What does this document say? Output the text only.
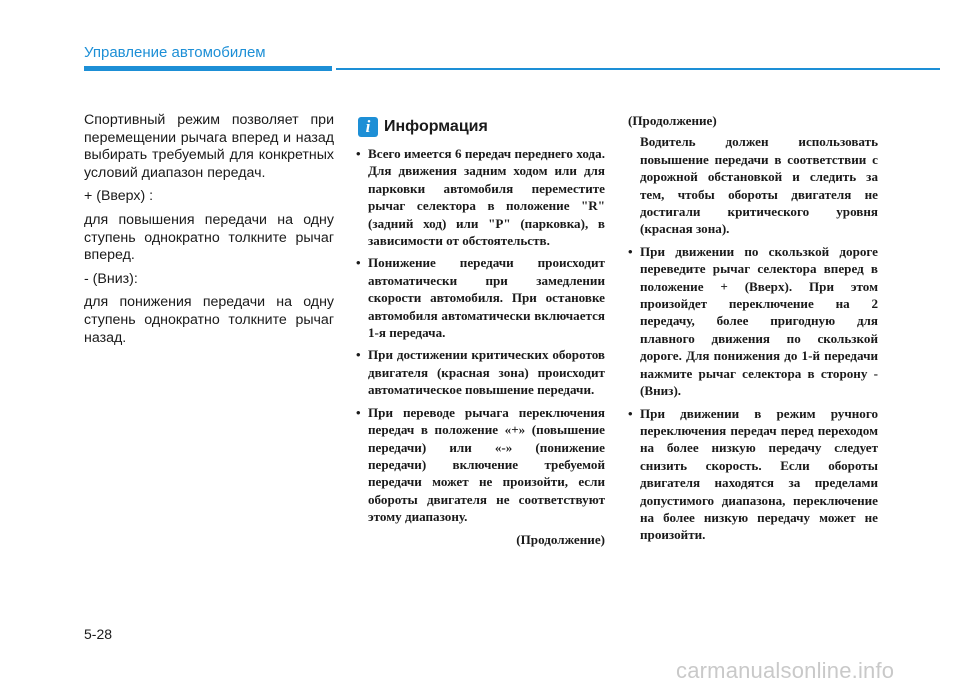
Управление автомобилем

Спортивный режим позволяет при перемещении рычага вперед и назад выбирать требуемый для конкретных условий диапазон передач.

+ (Вверх) :

для повышения передачи на одну ступень однократно толкните рычаг вперед.

- (Вниз):

для понижения передачи на одну ступень однократно толкните рычаг назад.

i Информация
• Всего имеется 6 передач переднего хода. Для движения задним ходом или для парковки автомобиля переместите рычаг селектора в положение "R" (задний ход) или "P" (парковка), в зависимости от обстоятельств.
• Понижение передачи происходит автоматически при замедлении скорости автомобиля. При остановке автомобиля автоматически включается 1-я передача.
• При достижении критических оборотов двигателя (красная зона) происходит автоматическое повышение передачи.
• При переводе рычага переключения передач в положение «+» (повышение передачи) или «-» (понижение передачи) включение требуемой передачи может не произойти, если обороты двигателя не соответствуют этому диапазону.

(Продолжение)

(Продолжение)

Водитель должен использовать повышение передачи в соответствии с дорожной обстановкой и следить за тем, чтобы обороты двигателя не достигали критического уровня (красная зона).

• При движении по скользкой дороге переведите рычаг селектора вперед в положение + (Вверх). При этом произойдет переключение на 2 передачу, более пригодную для плавного движения по скользкой дороге. Для понижения до 1-й передачи нажмите рычаг селектора в сторону - (Вниз).
• При движении в режим ручного переключения передач перед переходом на более низкую передачу следует снизить скорость. Если обороты двигателя находятся за пределами допустимого диапазона, переключение на более низкую передачу может не произойти.
5-28
carmanualsonline.info
